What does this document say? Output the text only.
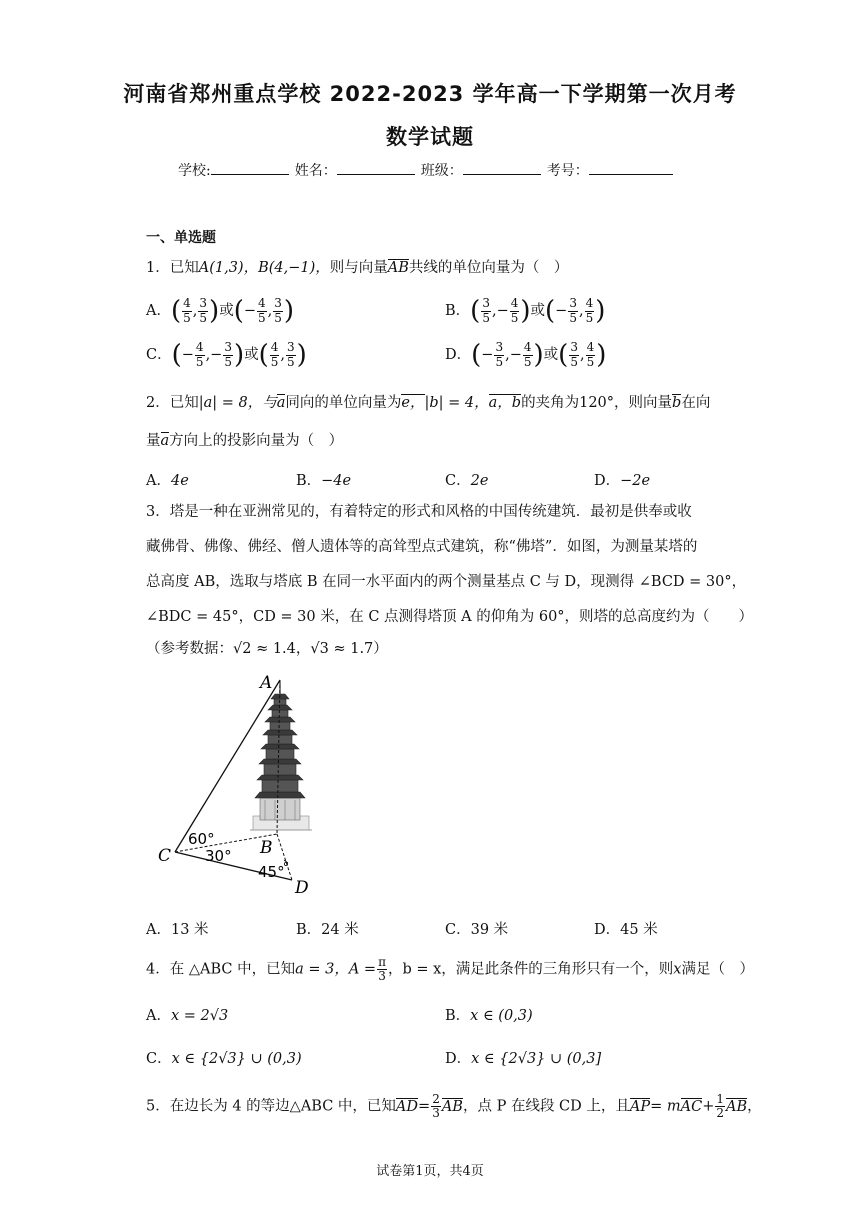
河南省郑州重点学校 2022-2023 学年高一下学期第一次月考
数学试题
学校:	姓名：	班级：	考号：
一、单选题
1．已知A(1,3)，B(4,−1)，则与向量AB共线的单位向量为（　）
A．( $\frac{4}{5}$ , $\frac{3}{5}$ )或(− $\frac{4}{5}$ , $\frac{3}{5}$ )	B．( $\frac{3}{5}$ ,− $\frac{4}{5}$ )或(− $\frac{3}{5}$ , $\frac{4}{5}$ )
C．(− $\frac{4}{5}$ ,− $\frac{3}{5}$ )或( $\frac{4}{5}$ , $\frac{3}{5}$ )	D．(− $\frac{3}{5}$ ,− $\frac{4}{5}$ )或( $\frac{3}{5}$ , $\frac{4}{5}$ )
2．已知|a| = 8，与a同向的单位向量为e，|b| = 4，a，b的夹角为120°，则向量b在向
量a方向上的投影向量为（　）
A．4e	B．−4e	C．2e	D．−2e
3．塔是一种在亚洲常见的，有着特定的形式和风格的中国传统建筑．最初是供奉或收
藏佛骨、佛像、佛经、僧人遗体等的高耸型点式建筑，称“佛塔”．如图，为测量某塔的
总高度 AB，选取与塔底 B 在同一水平面内的两个测量基点 C 与 D，现测得 ∠BCD = 30°，
∠BDC = 45°，CD = 30 米，在 C 点测得塔顶 A 的仰角为 60°，则塔的总高度约为（　　）
（参考数据：√2 ≈ 1.4，√3 ≈ 1.7）
A
B
C
D
60°
30°
45°
A．13 米	B．24 米	C．39 米	D．45 米
4．在 △ABC 中，已知a = 3，$A = \frac{\pi}{3}$ ，b = x，满足此条件的三角形只有一个，则x满足（　）
A．x = 2√3	B．x ∈ (0,3)
C．x ∈ {2√3} ∪ (0,3)	D．x ∈ {2√3} ∪ (0,3]
5．在边长为 4 的等边△ABC 中，已知$AD= \frac{2}{3}$ AB，点 P 在线段 CD 上，且$AP= mAC+ \frac{1}{2}$ AB，
试卷第1页，共4页
